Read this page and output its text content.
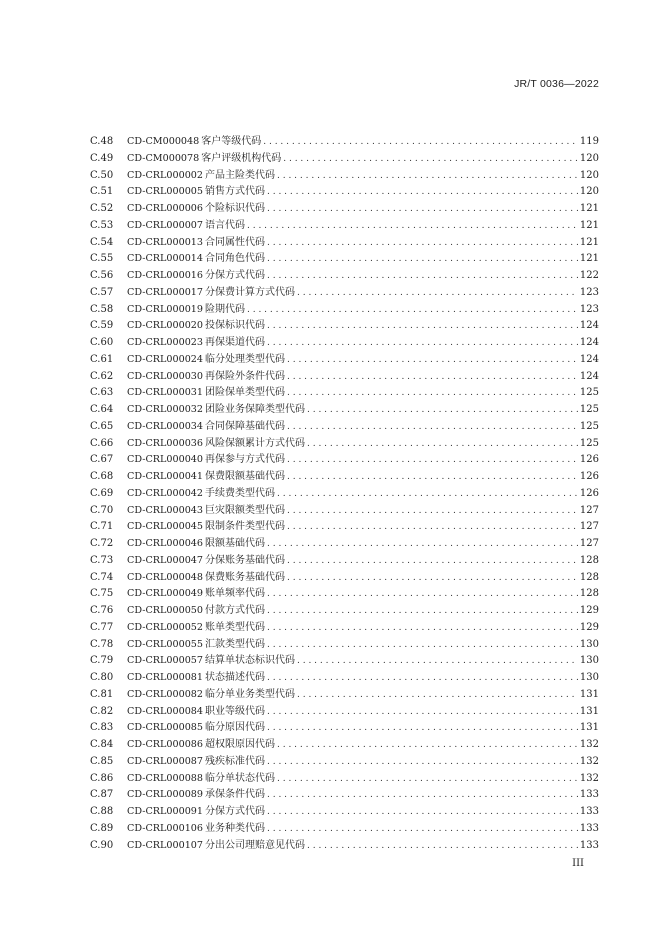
JR/T 0036—2022
C.48	CD-CM000048 客户等级代码 . . .	119
C.49	CD-CM000078 客户评级机构代码 . . .	120
C.50	CD-CRL000002 产品主险类代码 . . .	120
C.51	CD-CRL000005 销售方式代码 . . .	120
C.52	CD-CRL000006 个险标识代码 . . .	121
C.53	CD-CRL000007 语言代码 . . .	121
C.54	CD-CRL000013 合同属性代码 . . .	121
C.55	CD-CRL000014 合同角色代码 . . .	121
C.56	CD-CRL000016 分保方式代码 . . .	122
C.57	CD-CRL000017 分保费计算方式代码 . . .	123
C.58	CD-CRL000019 险期代码 . . .	123
C.59	CD-CRL000020 投保标识代码 . . .	124
C.60	CD-CRL000023 再保渠道代码 . . .	124
C.61	CD-CRL000024 临分处理类型代码 . . .	124
C.62	CD-CRL000030 再保险外条件代码 . . .	124
C.63	CD-CRL000031 团险保单类型代码 . . .	125
C.64	CD-CRL000032 团险业务保障类型代码 . . .	125
C.65	CD-CRL000034 合同保障基础代码 . . .	125
C.66	CD-CRL000036 风险保额累计方式代码 . . .	125
C.67	CD-CRL000040 再保参与方式代码 . . .	126
C.68	CD-CRL000041 保费限额基础代码 . . .	126
C.69	CD-CRL000042 手续费类型代码 . . .	126
C.70	CD-CRL000043 巨灾限额类型代码 . . .	127
C.71	CD-CRL000045 限制条件类型代码 . . .	127
C.72	CD-CRL000046 限额基础代码 . . .	127
C.73	CD-CRL000047 分保账务基础代码 . . .	128
C.74	CD-CRL000048 保费账务基础代码 . . .	128
C.75	CD-CRL000049 账单频率代码 . . .	128
C.76	CD-CRL000050 付款方式代码 . . .	129
C.77	CD-CRL000052 账单类型代码 . . .	129
C.78	CD-CRL000055 汇款类型代码 . . .	130
C.79	CD-CRL000057 结算单状态标识代码 . . .	130
C.80	CD-CRL000081 状态描述代码 . . .	130
C.81	CD-CRL000082 临分单业务类型代码 . . .	131
C.82	CD-CRL000084 职业等级代码 . . .	131
C.83	CD-CRL000085 临分原因代码 . . .	131
C.84	CD-CRL000086 超权限原因代码 . . .	132
C.85	CD-CRL000087 残疾标准代码 . . .	132
C.86	CD-CRL000088 临分单状态代码 . . .	132
C.87	CD-CRL000089 承保条件代码 . . .	133
C.88	CD-CRL000091 分保方式代码 . . .	133
C.89	CD-CRL000106 业务种类代码 . . .	133
C.90	CD-CRL000107 分出公司理赔意见代码 . . .	133
III
